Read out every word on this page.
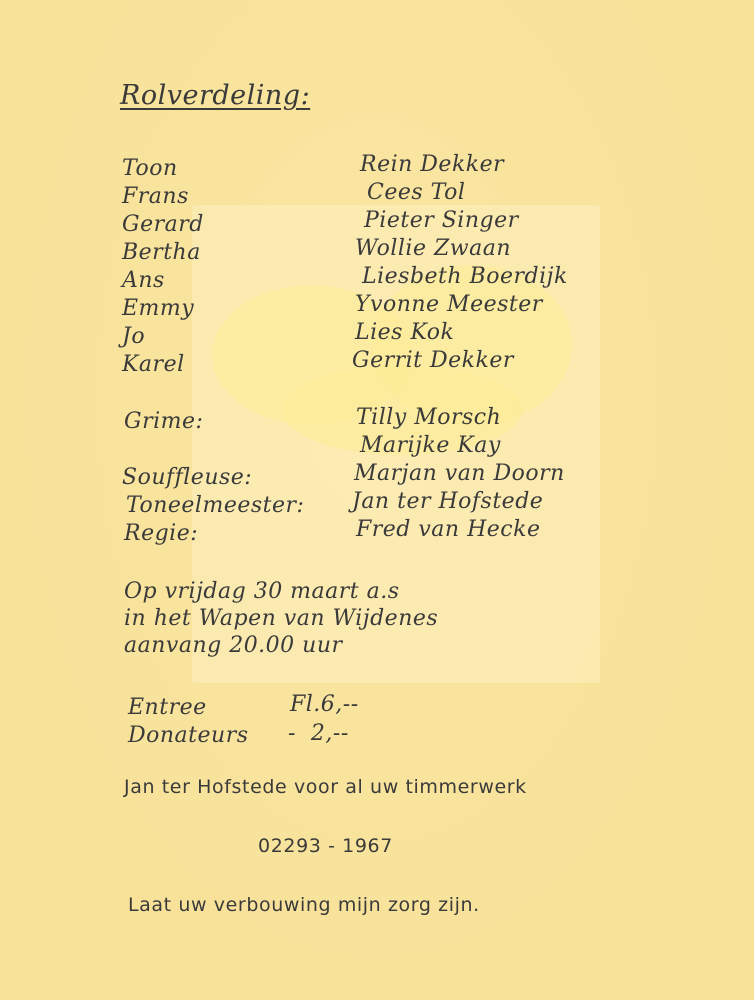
Rolverdeling:
Toon	Rein Dekker
Frans	Cees Tol
Gerard	Pieter Singer
Bertha	Wollie Zwaan
Ans	Liesbeth Boerdijk
Emmy	Yvonne Meester
Jo	Lies Kok
Karel	Gerrit Dekker
Grime:	Tilly Morsch
Marijke Kay
Souffleuse:	Marjan van Doorn
Toneelmeester: Jan ter Hofstede
Regie:	Fred van Hecke
Op vrijdag 30 maart a.s
in het Wapen van Wijdenes
aanvang 20.00 uur
Entree	Fl.6,--
Donateurs -  2,--
Jan ter Hofstede voor al uw timmerwerk
02293 - 1967
Laat uw verbouwing mijn zorg zijn.
